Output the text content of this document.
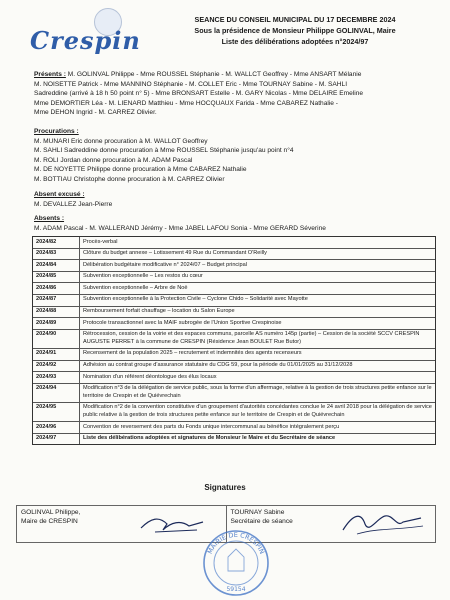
Crespin
SEANCE DU CONSEIL MUNICIPAL DU 17 DECEMBRE 2024
Sous la présidence de Monsieur Philippe GOLINVAL, Maire
Liste des délibérations adoptées n°2024/97
Présents : M. GOLINVAL Philippe - Mme ROUSSEL Stéphanie - M. WALLCT Geoffrey - Mme ANSART Mélanie
M. NOISETTE Patrick - Mme MANNINO Stéphanie - M. COLLET Eric - Mme TOURNAY Sabine - M. SAHLI
Sadreddine (arrivé à 18 h 50 point n° 5) - Mme BRONSART Estelle - M. GARY Nicolas - Mme DELAIRE Emeline
Mme DEMORTIER Léa - M. LIENARD Matthieu - Mme HOCQUAUX Farida - Mme CABAREZ Nathalie -
Mme DEHON Ingrid - M. CARREZ Olivier.
Procurations :
M. MUNARI Eric donne procuration à M. WALLOT Geoffrey
M. SAHLI Sadreddine donne procuration à Mme ROUSSEL Stéphanie jusqu'au point n°4
M. ROLI Jordan donne procuration à M. ADAM Pascal
M. DE NOYETTE Philippe donne procuration à Mme CABAREZ Nathalie
M. BOTTIAU Christophe donne procuration à M. CARREZ Olivier
Absent excusé :
M. DEVALLEZ Jean-Pierre
Absents :
M. ADAM Pascal - M. WALLERAND Jérémy - Mme JABEL LAFOU Sonia - Mme GERARD Séverine
2024/82	Procès-verbal
2024/83	Clôture du budget annexe – Lotissement 49 Rue du Commandant O'Reilly
2024/84	Délibération budgétaire modificative n° 2024/07 – Budget principal
2024/85	Subvention exceptionnelle – Les restos du cœur
2024/86	Subvention exceptionnelle – Arbre de Noë
2024/87	Subvention exceptionnelle à la Protection Civile – Cyclone Chido – Solidarité avec Mayotte
2024/88	Remboursement forfait chauffage – location du Salon Europe
2024/89	Protocole transactionnel avec la MAIF subrogée de l'Union Sportive Crespinoise
2024/90	Rétrocession, cession de la voirie et des espaces communs, parcelle AS numéro 145p (partie) – Cession de la société SCCV CRESPIN AUGUSTE PERRET à la commune de CRESPIN (Résidence Jean BOULET Rue Butor)
2024/91	Recensement de la population 2025 – recrutement et indemnités des agents recenseurs
2024/92	Adhésion au contrat groupe d'assurance statutaire du CDG 59, pour la période du 01/01/2025 au 31/12/2028
2024/93	Nomination d'un référent déontologue des élus locaux
2024/94	Modification n°3 de la délégation de service public, sous la forme d'un affermage, relative à la gestion de trois structures petite enfance sur le territoire de Crespin et de Quiévrechain
2024/95	Modification n°2 de la convention constitutive d'un groupement d'autorités concédantes conclue le 24 avril 2018 pour la délégation de service public relative à la gestion de trois structures petite enfance sur le territoire de Crespin et de Quiévrechain
2024/96	Convention de reversement des parts du Fonds unique intercommunal au bénéfice intégralement perçu
2024/97	Liste des délibérations adoptées et signatures de Monsieur le Maire et du Secrétaire de séance
Signatures
GOLINVAL Philippe,
Maire de CRESPIN
TOURNAY Sabine
Secrétaire de séance
MAIRIE DE CRESPIN
59154
